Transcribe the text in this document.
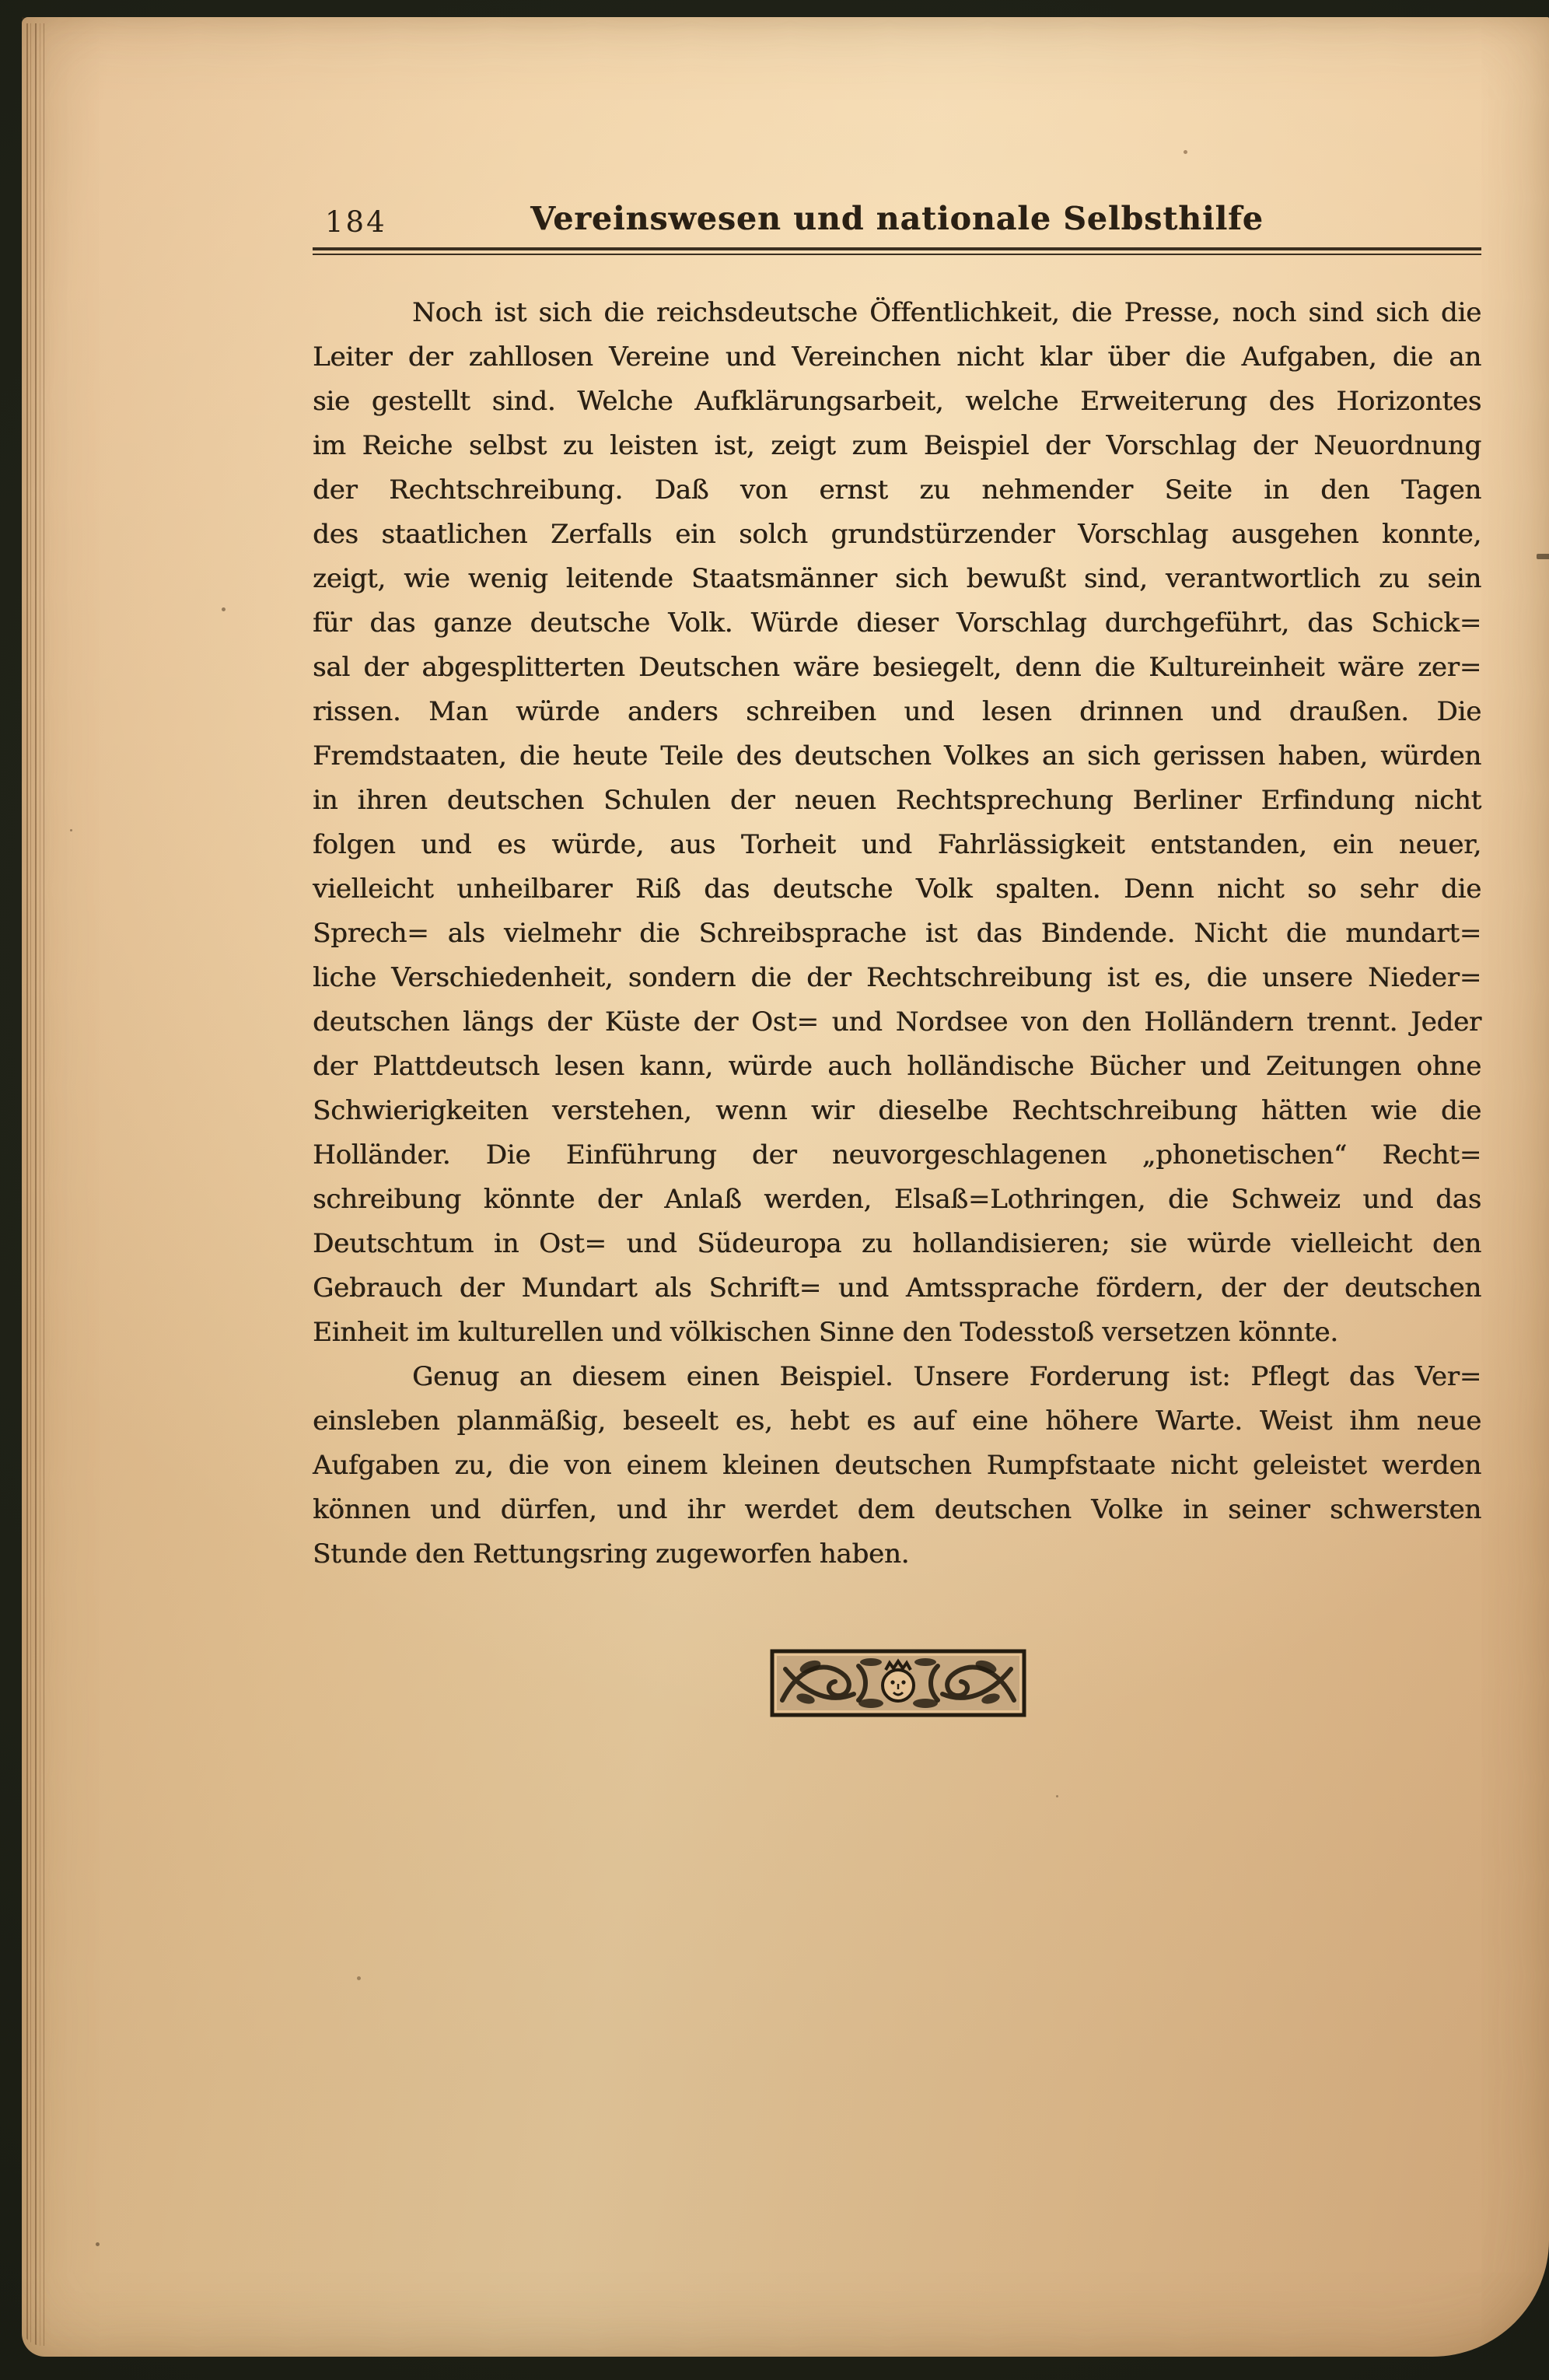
184	Vereinswesen und nationale Selbsthilfe
Noch ist sich die reichsdeutsche Öffentlichkeit, die Presse, noch sind sich die
Leiter der zahllosen Vereine und Vereinchen nicht klar über die Aufgaben, die an
sie gestellt sind. Welche Aufklärungsarbeit, welche Erweiterung des Horizontes
im Reiche selbst zu leisten ist, zeigt zum Beispiel der Vorschlag der Neuordnung
der Rechtschreibung. Daß von ernst zu nehmender Seite in den Tagen
des staatlichen Zerfalls ein solch grundstürzender Vorschlag ausgehen konnte,
zeigt, wie wenig leitende Staatsmänner sich bewußt sind, verantwortlich zu sein
für das ganze deutsche Volk. Würde dieser Vorschlag durchgeführt, das Schick=
sal der abgesplitterten Deutschen wäre besiegelt, denn die Kultureinheit wäre zer=
rissen. Man würde anders schreiben und lesen drinnen und draußen. Die
Fremdstaaten, die heute Teile des deutschen Volkes an sich gerissen haben, würden
in ihren deutschen Schulen der neuen Rechtsprechung Berliner Erfindung nicht
folgen und es würde, aus Torheit und Fahrlässigkeit entstanden, ein neuer,
vielleicht unheilbarer Riß das deutsche Volk spalten. Denn nicht so sehr die
Sprech= als vielmehr die Schreibsprache ist das Bindende. Nicht die mundart=
liche Verschiedenheit, sondern die der Rechtschreibung ist es, die unsere Nieder=
deutschen längs der Küste der Ost= und Nordsee von den Holländern trennt. Jeder
der Plattdeutsch lesen kann, würde auch holländische Bücher und Zeitungen ohne
Schwierigkeiten verstehen, wenn wir dieselbe Rechtschreibung hätten wie die
Holländer. Die Einführung der neuvorgeschlagenen „phonetischen“ Recht=
schreibung könnte der Anlaß werden, Elsaß=Lothringen, die Schweiz und das
Deutschtum in Ost= und Südeuropa zu hollandisieren; sie würde vielleicht den
Gebrauch der Mundart als Schrift= und Amtssprache fördern, der der deutschen
Einheit im kulturellen und völkischen Sinne den Todesstoß versetzen könnte.
Genug an diesem einen Beispiel. Unsere Forderung ist: Pflegt das Ver=
einsleben planmäßig, beseelt es, hebt es auf eine höhere Warte. Weist ihm neue
Aufgaben zu, die von einem kleinen deutschen Rumpfstaate nicht geleistet werden
können und dürfen, und ihr werdet dem deutschen Volke in seiner schwersten
Stunde den Rettungsring zugeworfen haben.
